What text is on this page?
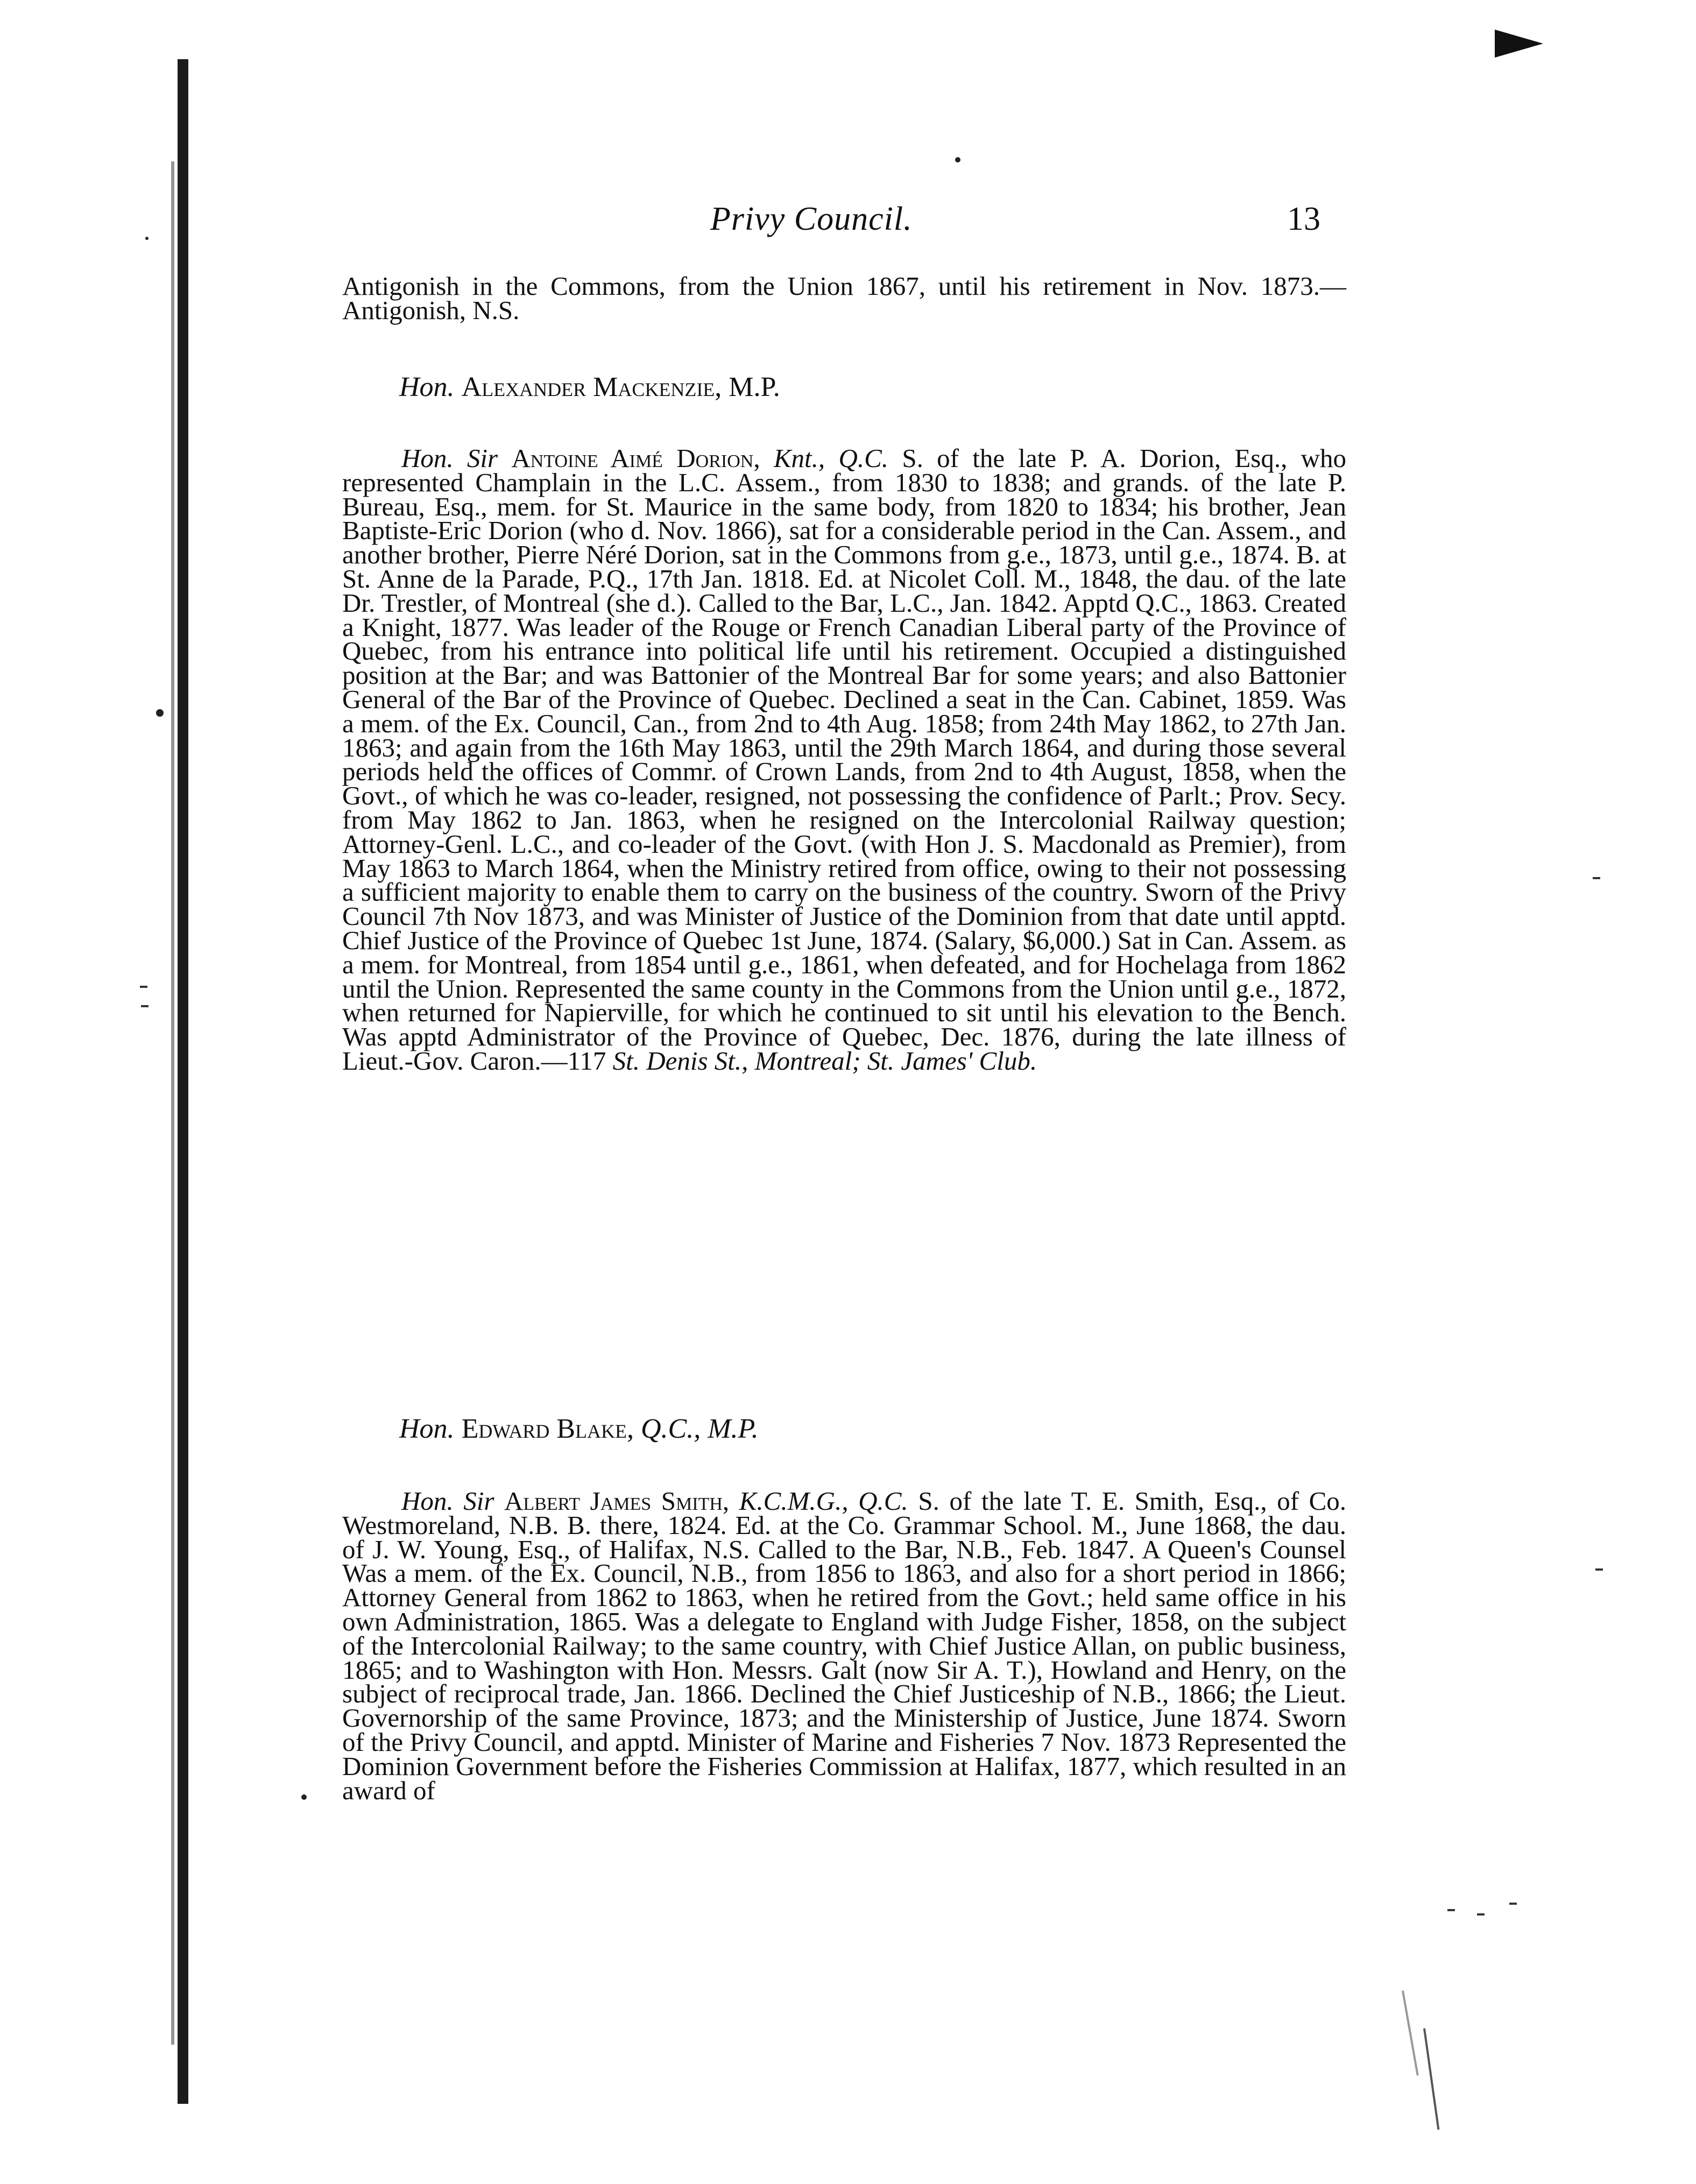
Privy Council.	13

Antigonish in the Commons, from the Union 1867, until his retirement in Nov. 1873.—Antigonish, N.S.

Hon. Alexander Mackenzie, M.P.

Hon. Sir Antoine Aimé Dorion, Knt., Q.C. S. of the late P. A. Dorion, Esq., who represented Champlain in the L.C. Assem., from 1830 to 1838; and grands. of the late P. Bureau, Esq., mem. for St. Maurice in the same body, from 1820 to 1834; his brother, Jean Baptiste-Eric Dorion (who d. Nov. 1866), sat for a considerable period in the Can. Assem., and another brother, Pierre Néré Dorion, sat in the Commons from g.e., 1873, until g.e., 1874. B. at St. Anne de la Parade, P.Q., 17th Jan. 1818. Ed. at Nicolet Coll. M., 1848, the dau. of the late Dr. Trestler, of Montreal (she d.). Called to the Bar, L.C., Jan. 1842. Apptd Q.C., 1863. Created a Knight, 1877. Was leader of the Rouge or French Canadian Liberal party of the Province of Quebec, from his entrance into political life until his retirement. Occupied a distinguished position at the Bar; and was Battonier of the Montreal Bar for some years; and also Battonier General of the Bar of the Province of Quebec. Declined a seat in the Can. Cabinet, 1859. Was a mem. of the Ex. Council, Can., from 2nd to 4th Aug. 1858; from 24th May 1862, to 27th Jan. 1863; and again from the 16th May 1863, until the 29th March 1864, and during those several periods held the offices of Commr. of Crown Lands, from 2nd to 4th August, 1858, when the Govt., of which he was co-leader, resigned, not possessing the confidence of Parlt.; Prov. Secy. from May 1862 to Jan. 1863, when he resigned on the Intercolonial Railway question; Attorney-Genl. L.C., and co-leader of the Govt. (with Hon J. S. Macdonald as Premier), from May 1863 to March 1864, when the Ministry retired from office, owing to their not possessing a sufficient majority to enable them to carry on the business of the country. Sworn of the Privy Council 7th Nov 1873, and was Minister of Justice of the Dominion from that date until apptd. Chief Justice of the Province of Quebec 1st June, 1874. (Salary, $6,000.) Sat in Can. Assem. as a mem. for Montreal, from 1854 until g.e., 1861, when defeated, and for Hochelaga from 1862 until the Union. Represented the same county in the Commons from the Union until g.e., 1872, when returned for Napierville, for which he continued to sit until his elevation to the Bench. Was apptd Administrator of the Province of Quebec, Dec. 1876, during the late illness of Lieut.-Gov. Caron.—117 St. Denis St., Montreal; St. James' Club.

Hon. Edward Blake, Q.C., M.P.

Hon. Sir Albert James Smith, K.C.M.G., Q.C. S. of the late T. E. Smith, Esq., of Co. Westmoreland, N.B. B. there, 1824. Ed. at the Co. Grammar School. M., June 1868, the dau. of J. W. Young, Esq., of Halifax, N.S. Called to the Bar, N.B., Feb. 1847. A Queen's Counsel Was a mem. of the Ex. Council, N.B., from 1856 to 1863, and also for a short period in 1866; Attorney General from 1862 to 1863, when he retired from the Govt.; held same office in his own Administration, 1865. Was a delegate to England with Judge Fisher, 1858, on the subject of the Intercolonial Railway; to the same country, with Chief Justice Allan, on public business, 1865; and to Washington with Hon. Messrs. Galt (now Sir A. T.), Howland and Henry, on the subject of reciprocal trade, Jan. 1866. Declined the Chief Justiceship of N.B., 1866; the Lieut. Governorship of the same Province, 1873; and the Ministership of Justice, June 1874. Sworn of the Privy Council, and apptd. Minister of Marine and Fisheries 7 Nov. 1873 Represented the Dominion Government before the Fisheries Commission at Halifax, 1877, which resulted in an award of
